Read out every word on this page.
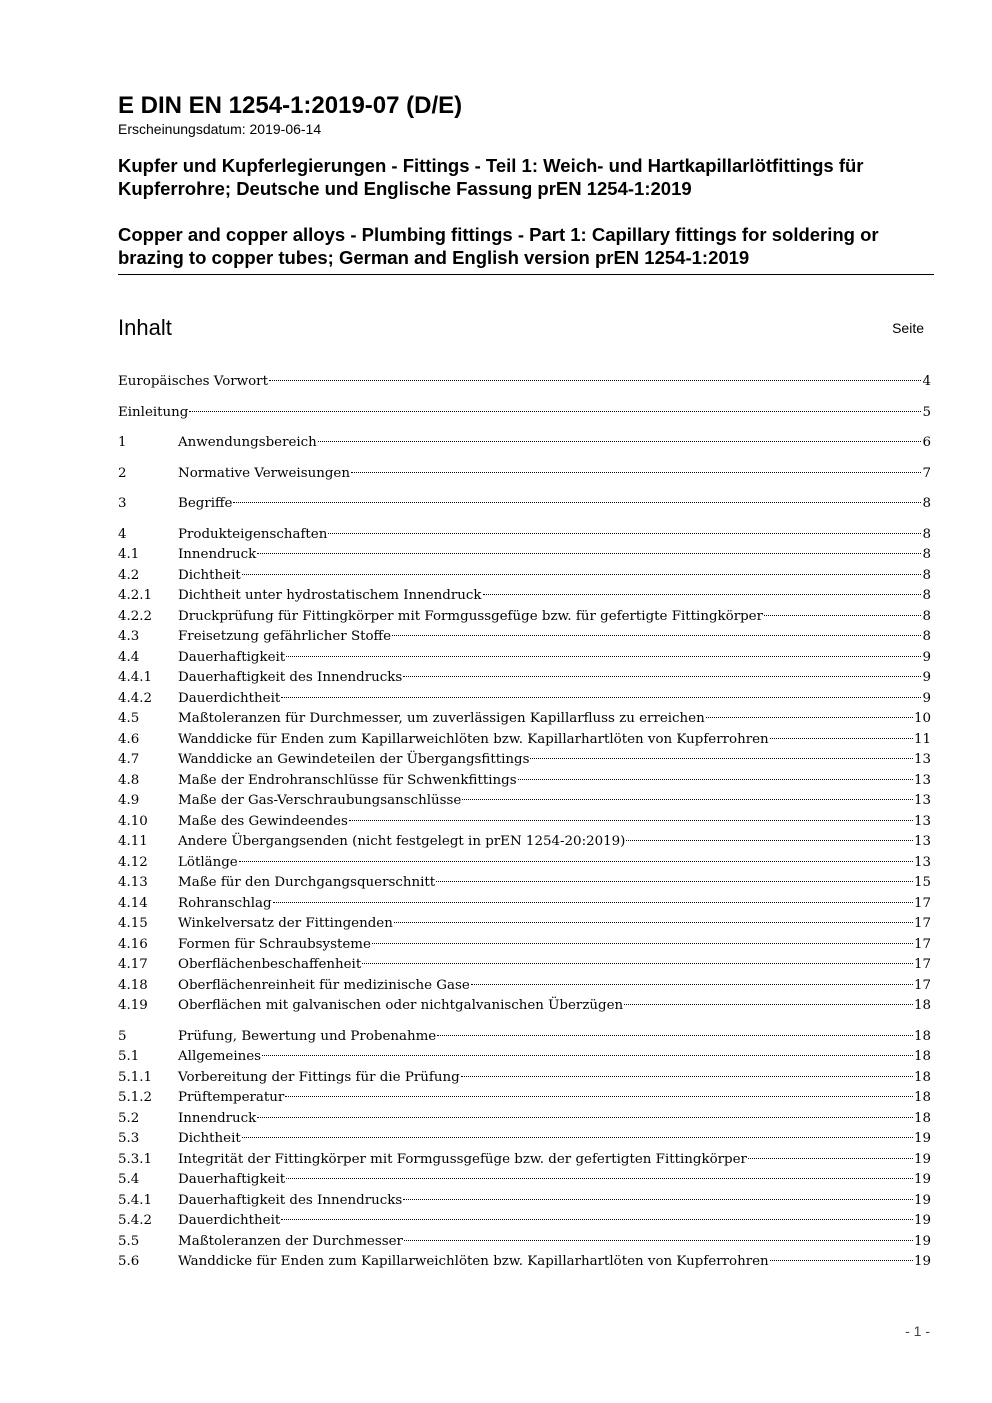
E DIN EN 1254-1:2019-07 (D/E)

Erscheinungsdatum: 2019-06-14

Kupfer und Kupferlegierungen - Fittings - Teil 1: Weich- und Hartkapillarlötfittings für Kupferrohre; Deutsche und Englische Fassung prEN 1254-1:2019

Copper and copper alloys - Plumbing fittings - Part 1: Capillary fittings for soldering or brazing to copper tubes; German and English version prEN 1254-1:2019

Inhalt	Seite
Europäisches Vorwort	4
Einleitung	5
1	Anwendungsbereich	6
2	Normative Verweisungen	7
3	Begriffe	8
4	Produkteigenschaften	8
4.1	Innendruck	8
4.2	Dichtheit	8
4.2.1	Dichtheit unter hydrostatischem Innendruck	8
4.2.2	Druckprüfung für Fittingkörper mit Formgussgefüge bzw. für gefertigte Fittingkörper	8
4.3	Freisetzung gefährlicher Stoffe	8
4.4	Dauerhaftigkeit	9
4.4.1	Dauerhaftigkeit des Innendrucks	9
4.4.2	Dauerdichtheit	9
4.5	Maßtoleranzen für Durchmesser, um zuverlässigen Kapillarfluss zu erreichen	10
4.6	Wanddicke für Enden zum Kapillarweichlöten bzw. Kapillarhartlöten von Kupferrohren	11
4.7	Wanddicke an Gewindeteilen der Übergangsfittings	13
4.8	Maße der Endrohranschlüsse für Schwenkfittings	13
4.9	Maße der Gas-Verschraubungsanschlüsse	13
4.10	Maße des Gewindeendes	13
4.11	Andere Übergangsenden (nicht festgelegt in prEN 1254-20:2019)	13
4.12	Lötlänge	13
4.13	Maße für den Durchgangsquerschnitt	15
4.14	Rohranschlag	17
4.15	Winkelversatz der Fittingenden	17
4.16	Formen für Schraubsysteme	17
4.17	Oberflächenbeschaffenheit	17
4.18	Oberflächenreinheit für medizinische Gase	17
4.19	Oberflächen mit galvanischen oder nichtgalvanischen Überzügen	18
5	Prüfung, Bewertung und Probenahme	18
5.1	Allgemeines	18
5.1.1	Vorbereitung der Fittings für die Prüfung	18
5.1.2	Prüftemperatur	18
5.2	Innendruck	18
5.3	Dichtheit	19
5.3.1	Integrität der Fittingkörper mit Formgussgefüge bzw. der gefertigten Fittingkörper	19
5.4	Dauerhaftigkeit	19
5.4.1	Dauerhaftigkeit des Innendrucks	19
5.4.2	Dauerdichtheit	19
5.5	Maßtoleranzen der Durchmesser	19
5.6	Wanddicke für Enden zum Kapillarweichlöten bzw. Kapillarhartlöten von Kupferrohren	19
- 1 -
